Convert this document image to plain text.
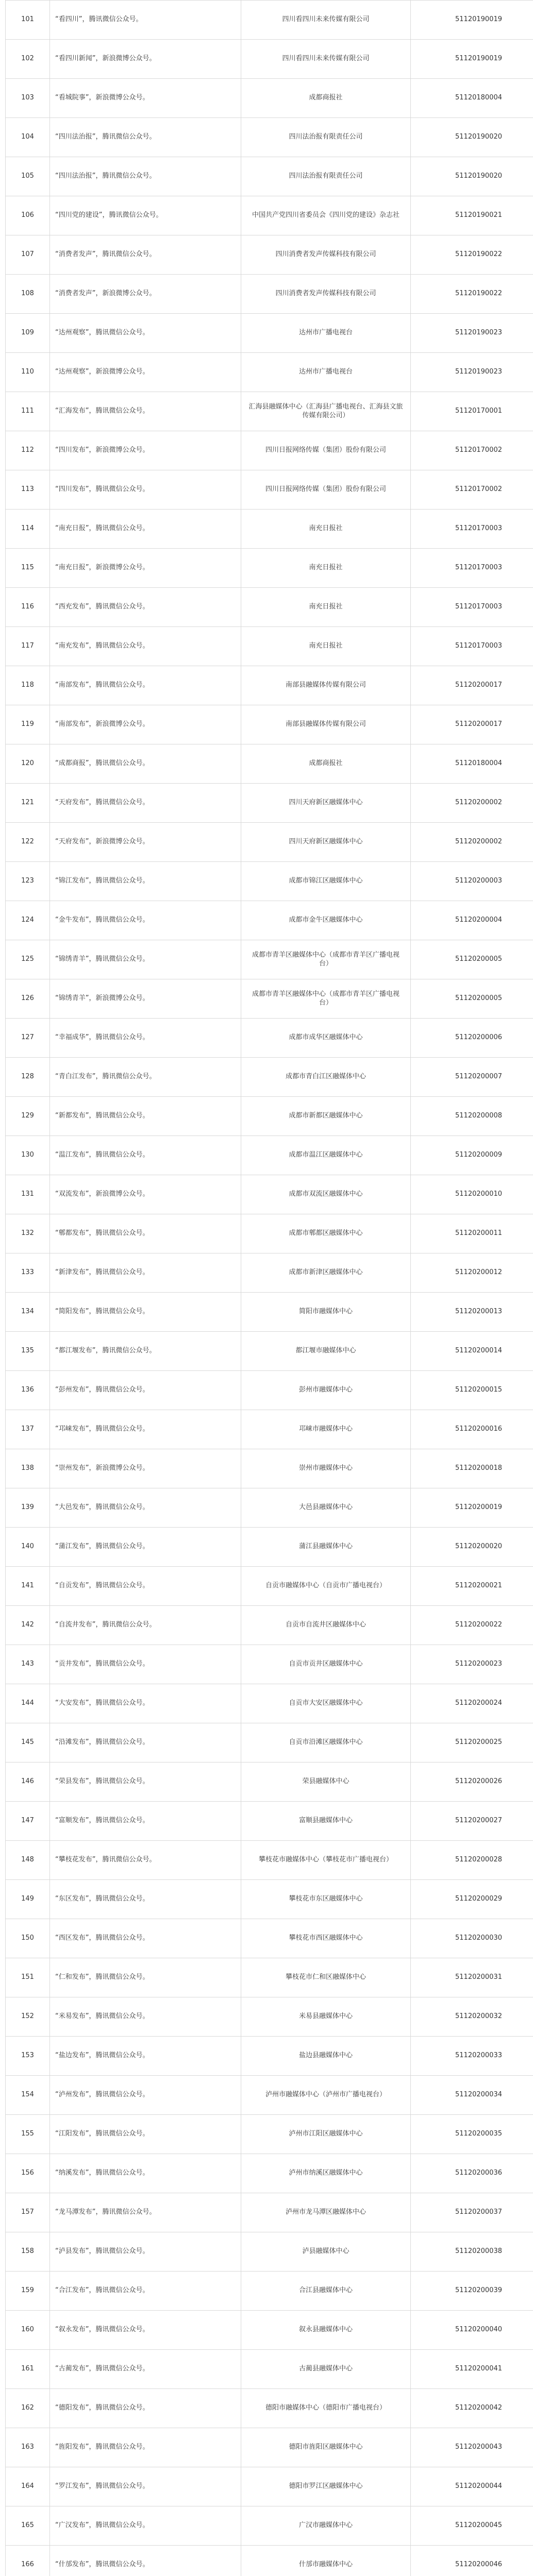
101	“看四川”，腾讯微信公众号。	四川看四川未来传媒有限公司	51120190019
102	“看四川新闻”，新浪微博公众号。	四川看四川未来传媒有限公司	51120190019
103	“看城院事”，新浪微博公众号。	成都商报社	51120180004
104	“四川法治报”，腾讯微信公众号。	四川法治报有限责任公司	51120190020
105	“四川法治报”，腾讯微信公众号。	四川法治报有限责任公司	51120190020
106	“四川党的建设”，腾讯微信公众号。	中国共产党四川省委员会《四川党的建设》杂志社	51120190021
107	“消费者发声”，腾讯微信公众号。	四川消费者发声传媒科技有限公司	51120190022
108	“消费者发声”，新浪微博公众号。	四川消费者发声传媒科技有限公司	51120190022
109	“达州观察”，腾讯微信公众号。	达州市广播电视台	51120190023
110	“达州观察”，新浪微博公众号。	达州市广播电视台	51120190023
111	“汇海发布”，腾讯微信公众号。	汇海县融媒体中心（汇海县广播电视台、汇海县文旅传媒有限公司）	51120170001
112	“四川发布”，新浪微博公众号。	四川日报网络传媒（集团）股份有限公司	51120170002
113	“四川发布”，腾讯微信公众号。	四川日报网络传媒（集团）股份有限公司	51120170002
114	“南充日报”，腾讯微信公众号。	南充日报社	51120170003
115	“南充日报”，新浪微博公众号。	南充日报社	51120170003
116	“西充发布”，腾讯微信公众号。	南充日报社	51120170003
117	“南充发布”，腾讯微信公众号。	南充日报社	51120170003
118	“南部发布”，腾讯微信公众号。	南部县融媒体传媒有限公司	51120200017
119	“南部发布”，新浪微博公众号。	南部县融媒体传媒有限公司	51120200017
120	“成都商报”，腾讯微信公众号。	成都商报社	51120180004
121	“天府发布”，腾讯微信公众号。	四川天府新区融媒体中心	51120200002
122	“天府发布”，新浪微博公众号。	四川天府新区融媒体中心	51120200002
123	“锦江发布”，腾讯微信公众号。	成都市锦江区融媒体中心	51120200003
124	“金牛发布”，腾讯微信公众号。	成都市金牛区融媒体中心	51120200004
125	“锦绣青羊”，腾讯微信公众号。	成都市青羊区融媒体中心（成都市青羊区广播电视台）	51120200005
126	“锦绣青羊”，新浪微博公众号。	成都市青羊区融媒体中心（成都市青羊区广播电视台）	51120200005
127	“幸福成华”，腾讯微信公众号。	成都市成华区融媒体中心	51120200006
128	“青白江发布”，腾讯微信公众号。	成都市青白江区融媒体中心	51120200007
129	“新都发布”，腾讯微信公众号。	成都市新都区融媒体中心	51120200008
130	“温江发布”，腾讯微信公众号。	成都市温江区融媒体中心	51120200009
131	“双流发布”，新浪微博公众号。	成都市双流区融媒体中心	51120200010
132	“郫都发布”，腾讯微信公众号。	成都市郫都区融媒体中心	51120200011
133	“新津发布”，腾讯微信公众号。	成都市新津区融媒体中心	51120200012
134	“简阳发布”，腾讯微信公众号。	简阳市融媒体中心	51120200013
135	“都江堰发布”，腾讯微信公众号。	都江堰市融媒体中心	51120200014
136	“彭州发布”，腾讯微信公众号。	彭州市融媒体中心	51120200015
137	“邛崃发布”，腾讯微信公众号。	邛崃市融媒体中心	51120200016
138	“崇州发布”，新浪微博公众号。	崇州市融媒体中心	51120200018
139	“大邑发布”，腾讯微信公众号。	大邑县融媒体中心	51120200019
140	“蒲江发布”，腾讯微信公众号。	蒲江县融媒体中心	51120200020
141	“自贡发布”，腾讯微信公众号。	自贡市融媒体中心（自贡市广播电视台）	51120200021
142	“自流井发布”，腾讯微信公众号。	自贡市自流井区融媒体中心	51120200022
143	“贡井发布”，腾讯微信公众号。	自贡市贡井区融媒体中心	51120200023
144	“大安发布”，腾讯微信公众号。	自贡市大安区融媒体中心	51120200024
145	“沿滩发布”，腾讯微信公众号。	自贡市沿滩区融媒体中心	51120200025
146	“荣县发布”，腾讯微信公众号。	荣县融媒体中心	51120200026
147	“富顺发布”，腾讯微信公众号。	富顺县融媒体中心	51120200027
148	“攀枝花发布”，腾讯微信公众号。	攀枝花市融媒体中心（攀枝花市广播电视台）	51120200028
149	“东区发布”，腾讯微信公众号。	攀枝花市东区融媒体中心	51120200029
150	“西区发布”，腾讯微信公众号。	攀枝花市西区融媒体中心	51120200030
151	“仁和发布”，腾讯微信公众号。	攀枝花市仁和区融媒体中心	51120200031
152	“米易发布”，腾讯微信公众号。	米易县融媒体中心	51120200032
153	“盐边发布”，腾讯微信公众号。	盐边县融媒体中心	51120200033
154	“泸州发布”，腾讯微信公众号。	泸州市融媒体中心（泸州市广播电视台）	51120200034
155	“江阳发布”，腾讯微信公众号。	泸州市江阳区融媒体中心	51120200035
156	“纳溪发布”，腾讯微信公众号。	泸州市纳溪区融媒体中心	51120200036
157	“龙马潭发布”，腾讯微信公众号。	泸州市龙马潭区融媒体中心	51120200037
158	“泸县发布”，腾讯微信公众号。	泸县融媒体中心	51120200038
159	“合江发布”，腾讯微信公众号。	合江县融媒体中心	51120200039
160	“叙永发布”，腾讯微信公众号。	叙永县融媒体中心	51120200040
161	“古蔺发布”，腾讯微信公众号。	古蔺县融媒体中心	51120200041
162	“德阳发布”，腾讯微信公众号。	德阳市融媒体中心（德阳市广播电视台）	51120200042
163	“旌阳发布”，腾讯微信公众号。	德阳市旌阳区融媒体中心	51120200043
164	“罗江发布”，腾讯微信公众号。	德阳市罗江区融媒体中心	51120200044
165	“广汉发布”，腾讯微信公众号。	广汉市融媒体中心	51120200045
166	“什邡发布”，腾讯微信公众号。	什邡市融媒体中心	51120200046
